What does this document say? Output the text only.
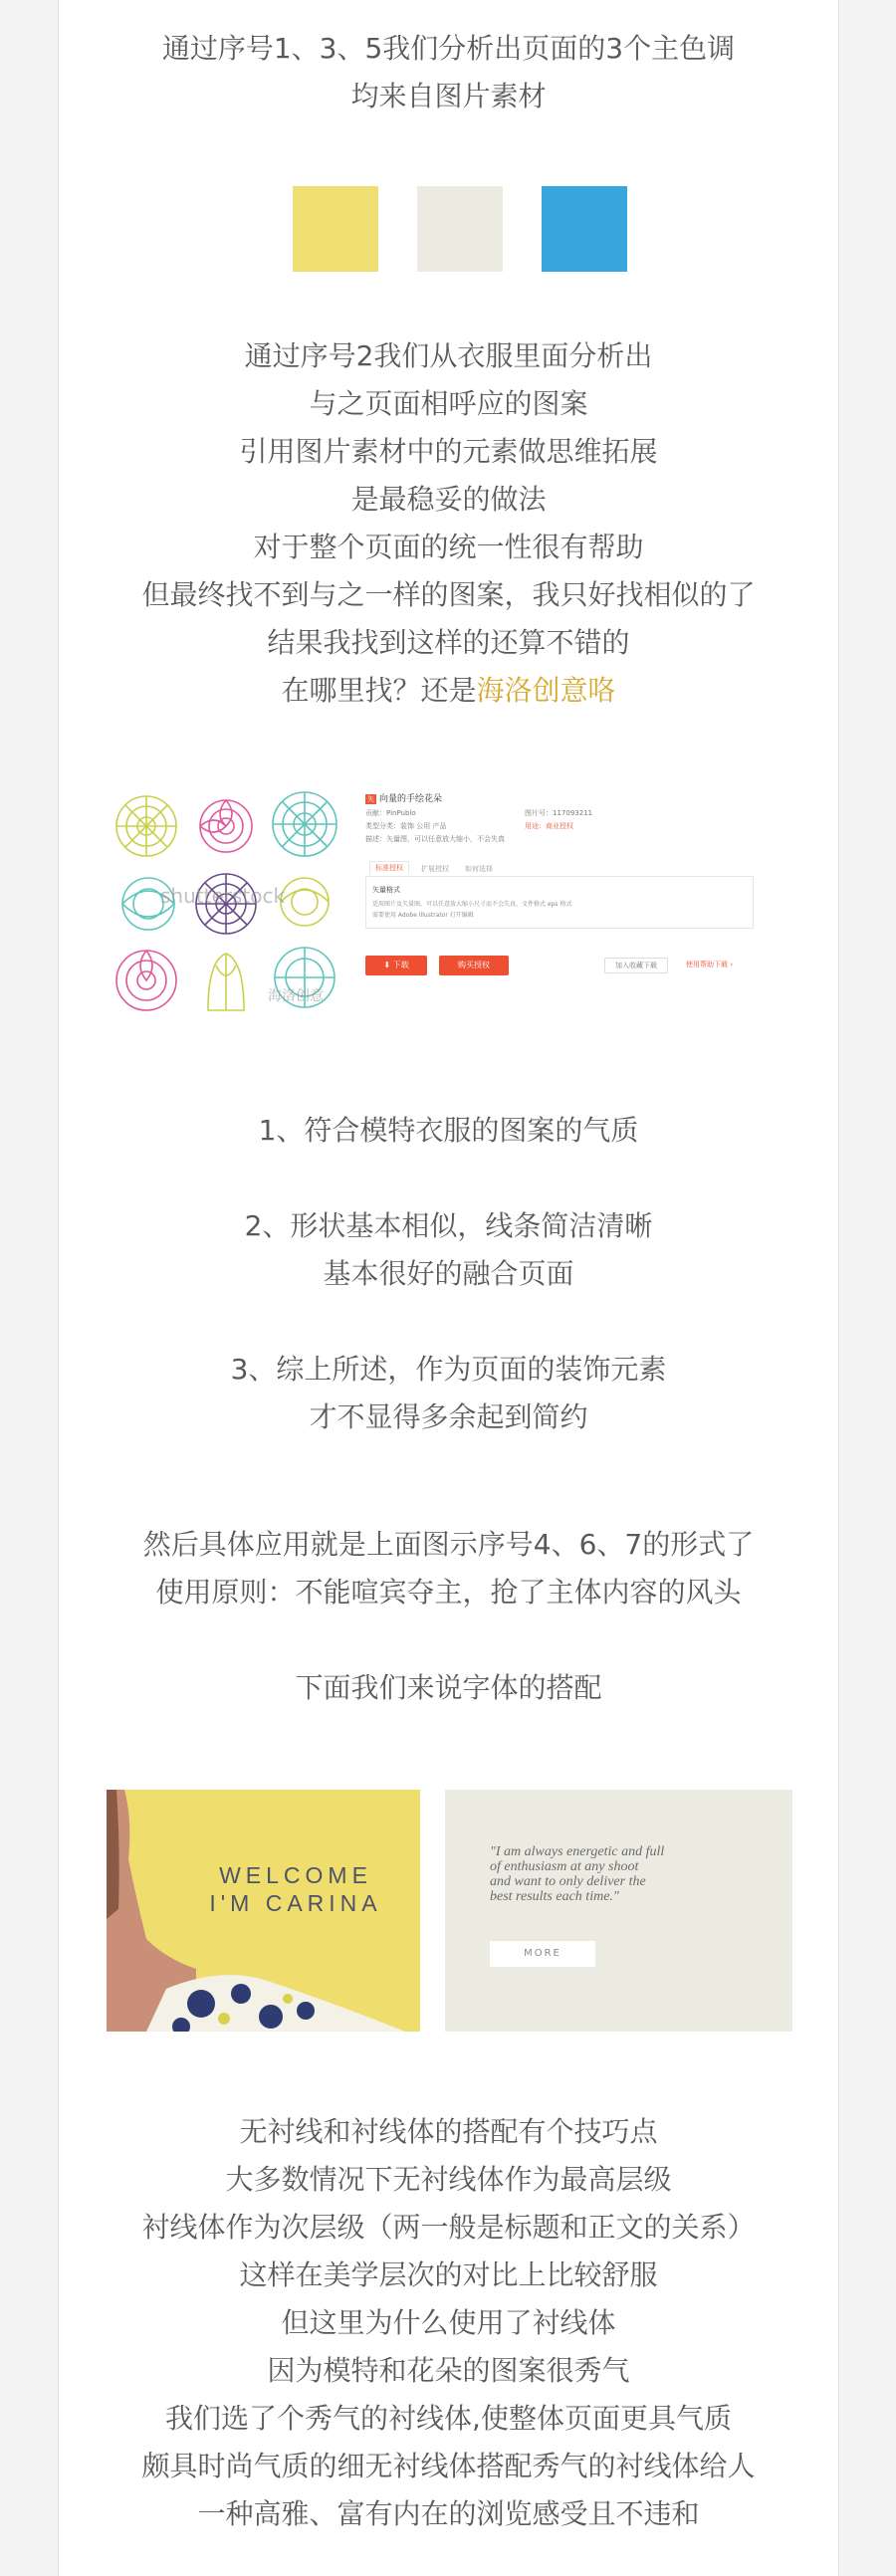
通过序号1、3、5我们分析出页面的3个主色调

均来自图片素材

通过序号2我们从衣服里面分析出

与之页面相呼应的图案

引用图片素材中的元素做思维拓展

是最稳妥的做法

对于整个页面的统一性很有帮助

但最终找不到与之一样的图案，我只好找相似的了

结果我找到这样的还算不错的

在哪里找？还是海洛创意咯

shutterstock
海洛创意
矢 向量的手绘花朵
贡献：PinPublo	图片号：117093211
类型分类：装饰 公用 产品	用途：商业授权
描述：矢量图，可以任意放大缩小，不会失真
标准授权	扩展授权 如何选择
矢量格式
适用图片及矢量图，可以任意放大缩小尺寸而不会失真，文件格式 eps 格式
需要使用 Adobe Illustrator 打开编辑
⬇ 下载	购买授权	加入收藏下载	使用帮助下载 ›

1、符合模特衣服的图案的气质

2、形状基本相似，线条简洁清晰

基本很好的融合页面

3、综上所述，作为页面的装饰元素

才不显得多余起到简约

然后具体应用就是上面图示序号4、6、7的形式了

使用原则：不能喧宾夺主，抢了主体内容的风头

下面我们来说字体的搭配

WELCOME
I'M CARINA
"I am always energetic and full
of enthusiasm at any shoot
and want to only deliver the
best results each time."
MORE

无衬线和衬线体的搭配有个技巧点

大多数情况下无衬线体作为最高层级

衬线体作为次层级（两一般是标题和正文的关系）

这样在美学层次的对比上比较舒服

但这里为什么使用了衬线体

因为模特和花朵的图案很秀气

我们选了个秀气的衬线体,使整体页面更具气质

颇具时尚气质的细无衬线体搭配秀气的衬线体给人

一种高雅、富有内在的浏览感受且不违和
